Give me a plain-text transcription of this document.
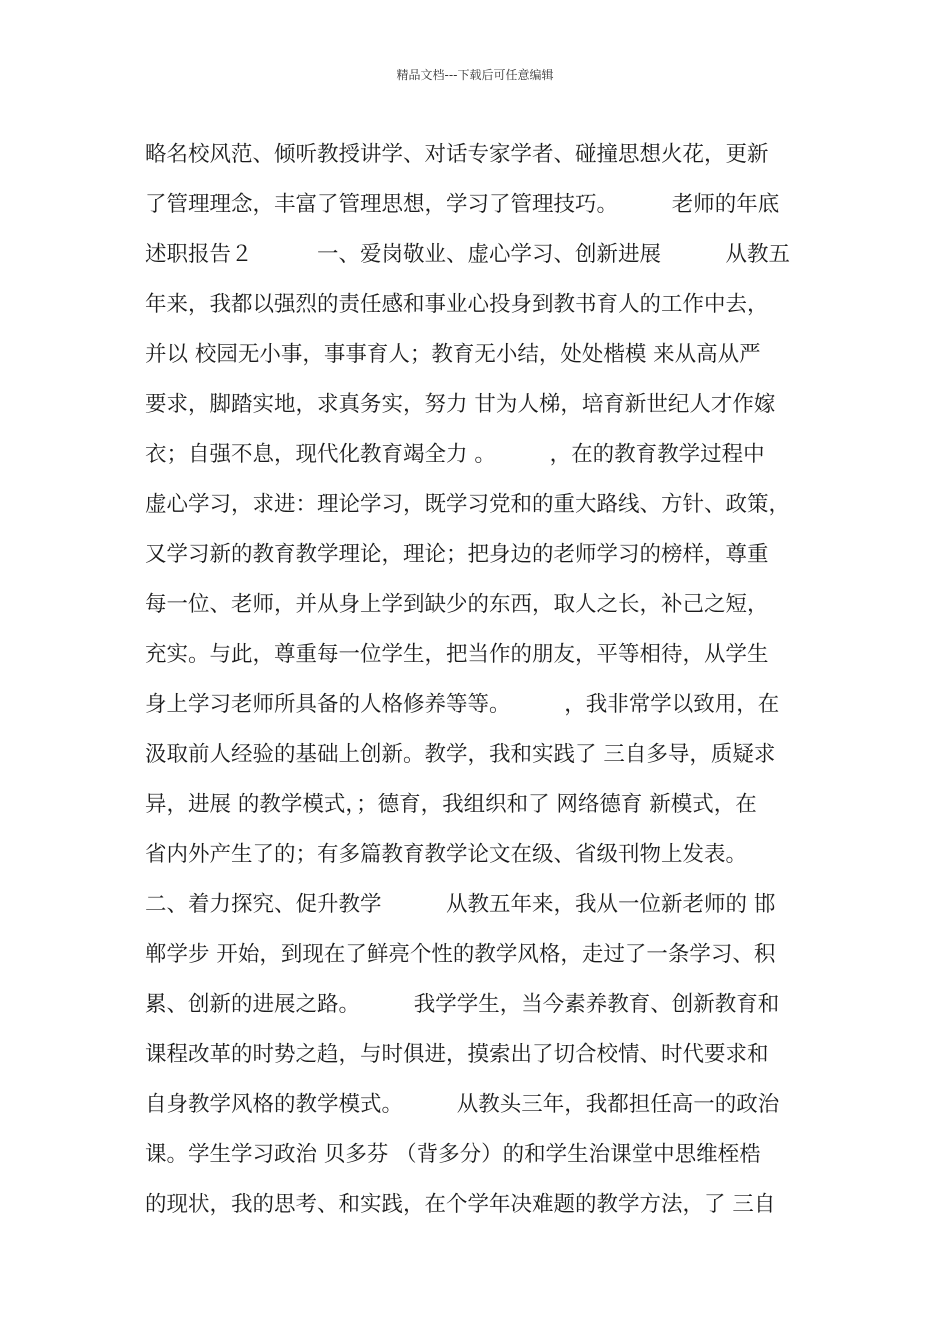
精品文档---下载后可任意编辑
略名校风范、倾听教授讲学、对话专家学者、碰撞思想火花，更新
了管理理念，丰富了管理思想，学习了管理技巧。　　　老师的年底
述职报告２　　　一、爱岗敬业、虚心学习、创新进展　　　从教五
年来，我都以强烈的责任感和事业心投身到教书育人的工作中去，
并以 校园无小事，事事育人；教育无小结，处处楷模 来从高从严
要求，脚踏实地，求真务实，努力 甘为人梯，培育新世纪人才作嫁
衣；自强不息，现代化教育竭全力 。　　　，在的教育教学过程中
虚心学习，求进：理论学习，既学习党和的重大路线、方针、政策，
又学习新的教育教学理论，理论；把身边的老师学习的榜样，尊重
每一位、老师，并从身上学到缺少的东西，取人之长，补己之短，
充实。与此，尊重每一位学生，把当作的朋友，平等相待，从学生
身上学习老师所具备的人格修养等等。　　　，我非常学以致用，在
汲取前人经验的基础上创新。教学，我和实践了 三自多导，质疑求
异，进展 的教学模式，；德育，我组织和了 网络德育 新模式，在
省内外产生了的；有多篇教育教学论文在级、省级刊物上发表。
二、着力探究、促升教学　　　从教五年来，我从一位新老师的 邯
郸学步 开始，到现在了鲜亮个性的教学风格，走过了一条学习、积
累、创新的进展之路。　　　我学学生，当今素养教育、创新教育和
课程改革的时势之趋，与时俱进，摸索出了切合校情、时代要求和
自身教学风格的教学模式。　　　从教头三年，我都担任高一的政治
课。学生学习政治 贝多芬 （背多分）的和学生治课堂中思维桎梏
的现状，我的思考、和实践，在个学年决难题的教学方法，了 三自
